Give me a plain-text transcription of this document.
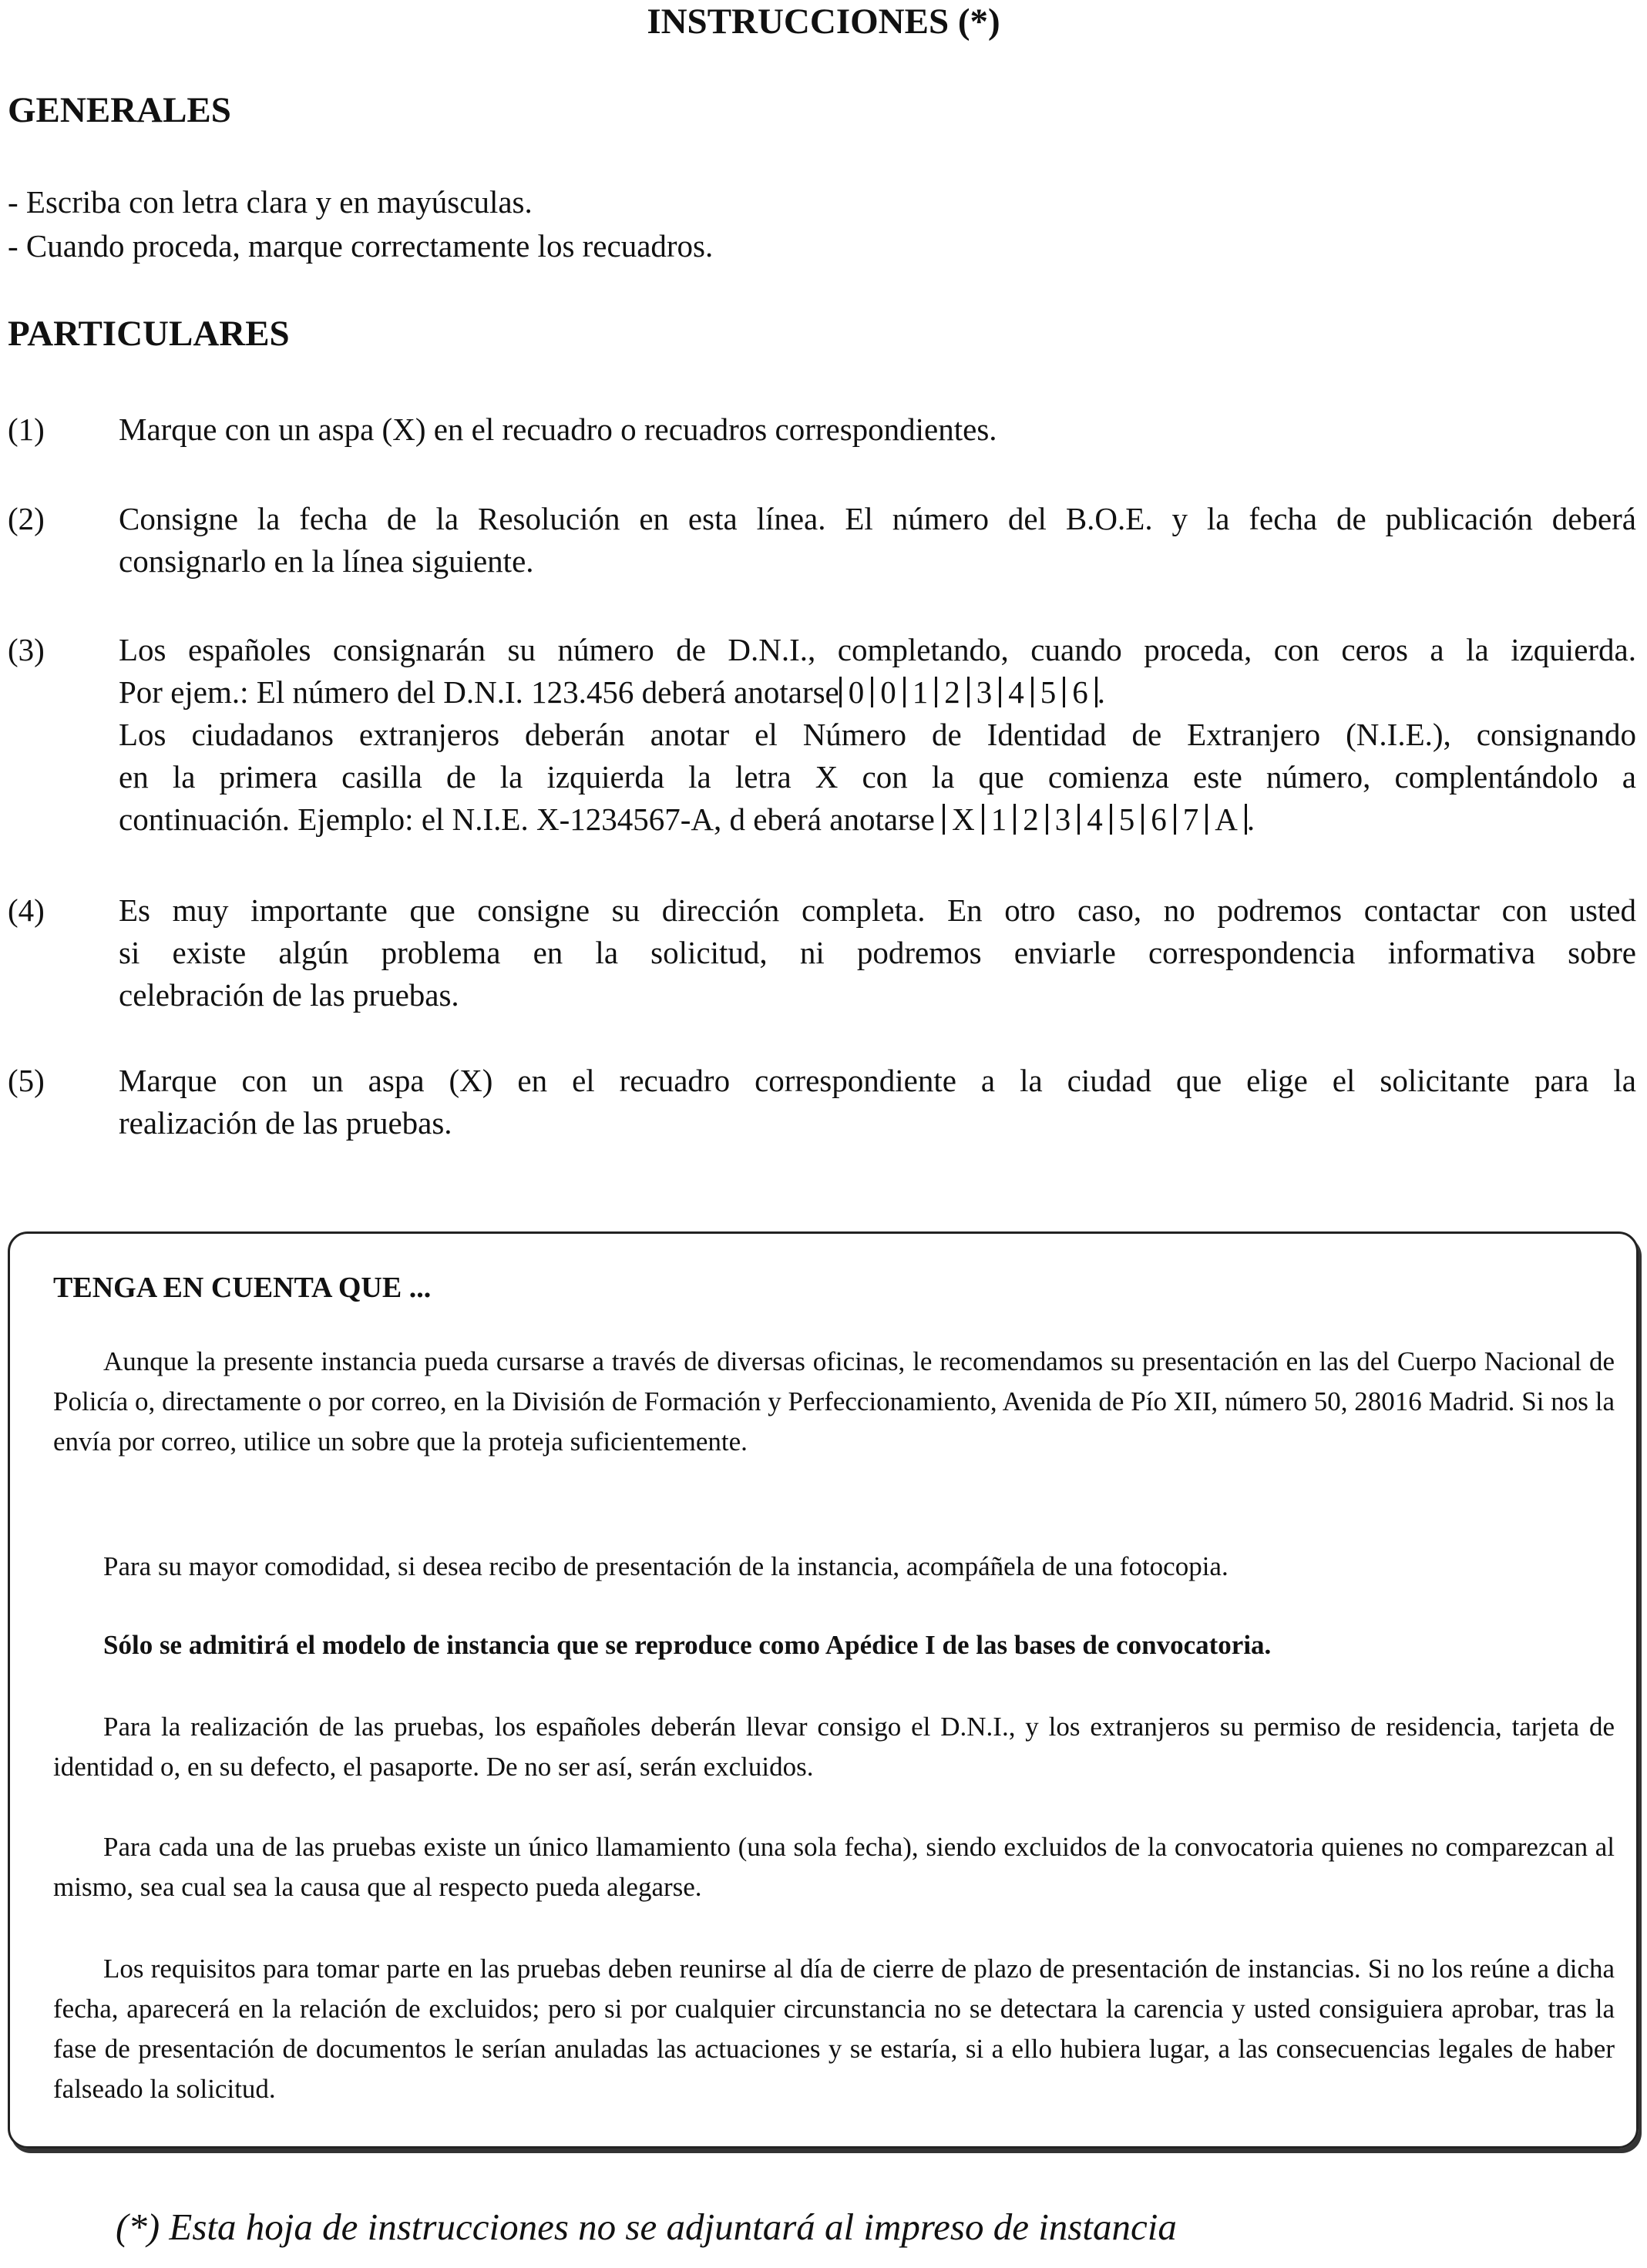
INSTRUCCIONES (*)
GENERALES
- Escriba con letra clara y en mayúsculas.
- Cuando proceda, marque correctamente los recuadros.
PARTICULARES
(1) Marque con un aspa (X) en el recuadro o recuadros correspondientes.
(2) Consigne la fecha de la Resolución en esta línea. El número del B.O.E. y la fecha de publicación deberá
consignarlo en la línea siguiente.
(3) Los españoles consignarán su número de D.N.I., completando, cuando proceda, con ceros a la izquierda.
Por ejem.: El número del D.N.I. 123.456 deberá anotarse 0 0 1 2 3 4 5 6 .
Los ciudadanos extranjeros deberán anotar el Número de Identidad de Extranjero (N.I.E.), consignando
en la primera casilla de la izquierda la letra X con la que comienza este número, complentándolo a
continuación. Ejemplo: el N.I.E. X-1234567-A, d eberá anotarse X 1 2 3 4 5 6 7 A .
(4) Es muy importante que consigne su dirección completa. En otro caso, no podremos contactar con usted
si existe algún problema en la solicitud, ni podremos enviarle correspondencia informativa sobre
celebración de las pruebas.
(5) Marque con un aspa (X) en el recuadro correspondiente a la ciudad que elige el solicitante para la
realización de las pruebas.
TENGA EN CUENTA QUE ...

Aunque la presente instancia pueda cursarse a través de diversas oficinas, le recomendamos su presentación en las del Cuerpo Nacional de Policía o, directamente o por correo, en la División de Formación y Perfeccionamiento, Avenida de Pío XII, número 50, 28016 Madrid. Si nos la envía por correo, utilice un sobre que la proteja suficientemente.

Para su mayor comodidad, si desea recibo de presentación de la instancia, acompáñela de una fotocopia.

Sólo se admitirá el modelo de instancia que se reproduce como Apédice I de las bases de convocatoria.

Para la realización de las pruebas, los españoles deberán llevar consigo el D.N.I., y los extranjeros su permiso de residencia, tarjeta de identidad o, en su defecto, el pasaporte. De no ser así, serán excluidos.

Para cada una de las pruebas existe un único llamamiento (una sola fecha), siendo excluidos de la convocatoria quienes no comparezcan al mismo, sea cual sea la causa que al respecto pueda alegarse.

Los requisitos para tomar parte en las pruebas deben reunirse al día de cierre de plazo de presentación de instancias. Si no los reúne a dicha fecha, aparecerá en la relación de excluidos; pero si por cualquier circunstancia no se detectara la carencia y usted consiguiera aprobar, tras la fase de presentación de documentos le serían anuladas las actuaciones y se estaría, si a ello hubiera lugar, a las consecuencias legales de haber falseado la solicitud.

(*) Esta hoja de instrucciones no se adjuntará al impreso de instancia
